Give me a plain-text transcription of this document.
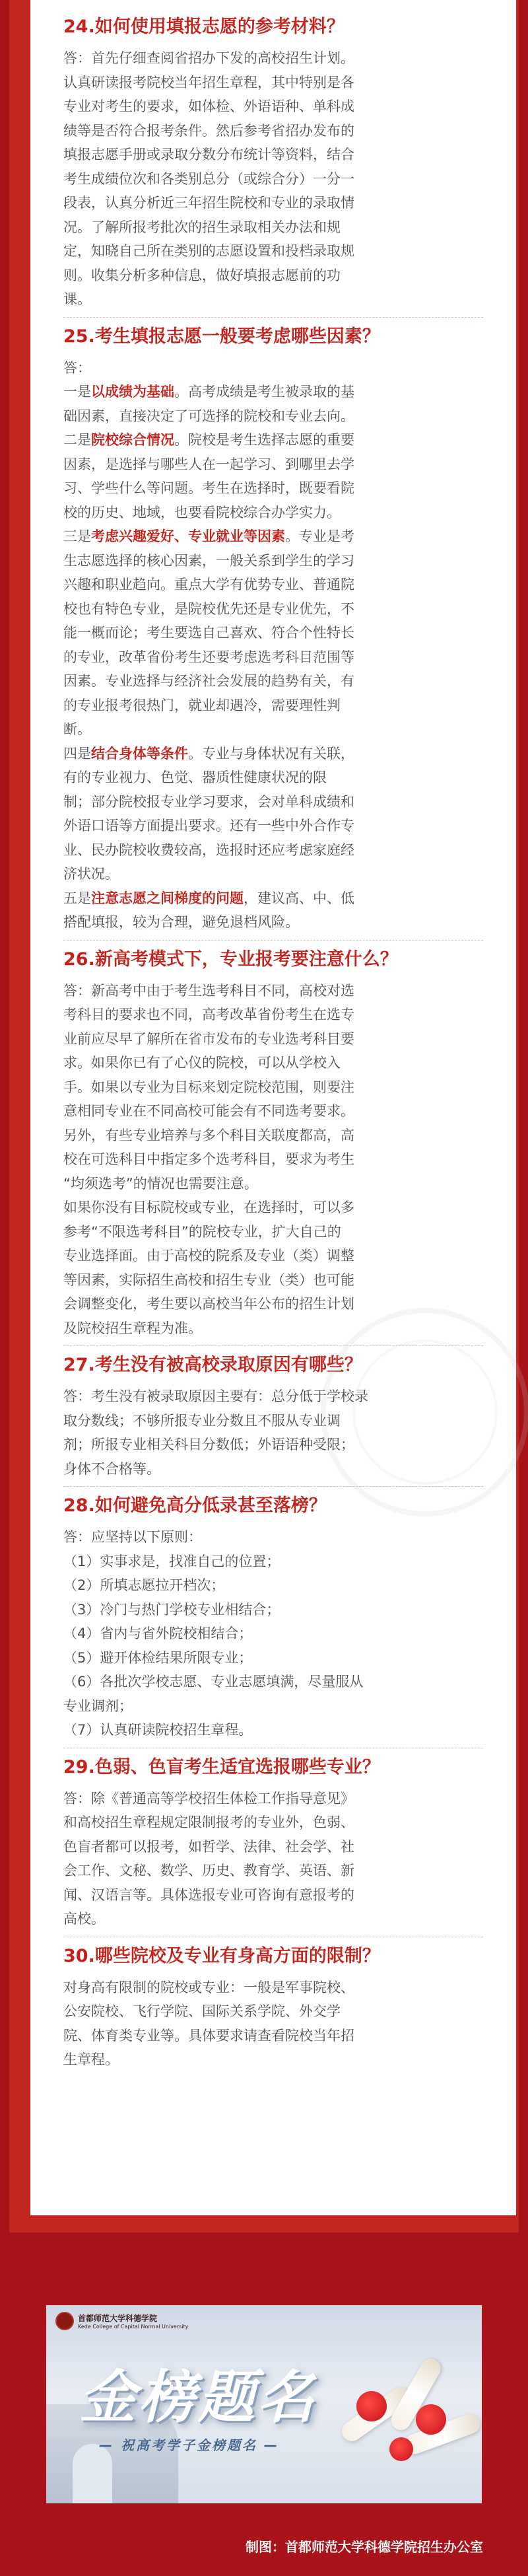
24.如何使用填报志愿的参考材料？

答：首先仔细查阅省招办下发的高校招生计划。

认真研读报考院校当年招生章程，其中特别是各

专业对考生的要求，如体检、外语语种、单科成

绩等是否符合报考条件。然后参考省招办发布的

填报志愿手册或录取分数分布统计等资料，结合

考生成绩位次和各类别总分（或综合分）一分一

段表，认真分析近三年招生院校和专业的录取情

况。了解所报考批次的招生录取相关办法和规

定，知晓自己所在类别的志愿设置和投档录取规

则。收集分析多种信息，做好填报志愿前的功

课。

25.考生填报志愿一般要考虑哪些因素？

答：

一是以成绩为基础。高考成绩是考生被录取的基

础因素，直接决定了可选择的院校和专业去向。

二是院校综合情况。院校是考生选择志愿的重要

因素，是选择与哪些人在一起学习、到哪里去学

习、学些什么等问题。考生在选择时，既要看院

校的历史、地域，也要看院校综合办学实力。

三是考虑兴趣爱好、专业就业等因素。专业是考

生志愿选择的核心因素，一般关系到学生的学习

兴趣和职业趋向。重点大学有优势专业、普通院

校也有特色专业，是院校优先还是专业优先，不

能一概而论；考生要选自己喜欢、符合个性特长

的专业，改革省份考生还要考虑选考科目范围等

因素。专业选择与经济社会发展的趋势有关，有

的专业报考很热门，就业却遇冷，需要理性判

断。

四是结合身体等条件。专业与身体状况有关联，

有的专业视力、色觉、器质性健康状况的限

制；部分院校报专业学习要求，会对单科成绩和

外语口语等方面提出要求。还有一些中外合作专

业、民办院校收费较高，选报时还应考虑家庭经

济状况。

五是注意志愿之间梯度的问题，建议高、中、低

搭配填报，较为合理，避免退档风险。

26.新高考模式下，专业报考要注意什么？

答：新高考中由于考生选考科目不同，高校对选

考科目的要求也不同，高考改革省份考生在选专

业前应尽早了解所在省市发布的专业选考科目要

求。如果你已有了心仪的院校，可以从学校入

手。如果以专业为目标来划定院校范围，则要注

意相同专业在不同高校可能会有不同选考要求。

另外，有些专业培养与多个科目关联度都高，高

校在可选科目中指定多个选考科目，要求为考生

“均须选考”的情况也需要注意。

如果你没有目标院校或专业，在选择时，可以多

参考“不限选考科目”的院校专业，扩大自己的

专业选择面。由于高校的院系及专业（类）调整

等因素，实际招生高校和招生专业（类）也可能

会调整变化，考生要以高校当年公布的招生计划

及院校招生章程为准。

27.考生没有被高校录取原因有哪些？

答：考生没有被录取原因主要有：总分低于学校录

取分数线；不够所报专业分数且不服从专业调

剂；所报专业相关科目分数低；外语语种受限；

身体不合格等。

28.如何避免高分低录甚至落榜？

答：应坚持以下原则：

（1）实事求是，找准自己的位置；

（2）所填志愿拉开档次；

（3）冷门与热门学校专业相结合；

（4）省内与省外院校相结合；

（5）避开体检结果所限专业；

（6）各批次学校志愿、专业志愿填满，尽量服从

专业调剂；

（7）认真研读院校招生章程。

29.色弱、色盲考生适宜选报哪些专业？

答：除《普通高等学校招生体检工作指导意见》

和高校招生章程规定限制报考的专业外，色弱、

色盲者都可以报考，如哲学、法律、社会学、社

会工作、文秘、数学、历史、教育学、英语、新

闻、汉语言等。具体选报专业可咨询有意报考的

高校。

30.哪些院校及专业有身高方面的限制？

对身高有限制的院校或专业：一般是军事院校、

公安院校、飞行学院、国际关系学院、外交学

院、体育类专业等。具体要求请查看院校当年招

生章程。

首都师范大学科德学院
Kede College of Capital Normal University
金榜题名
— 祝高考学子金榜题名 —
制图：首都师范大学科德学院招生办公室
